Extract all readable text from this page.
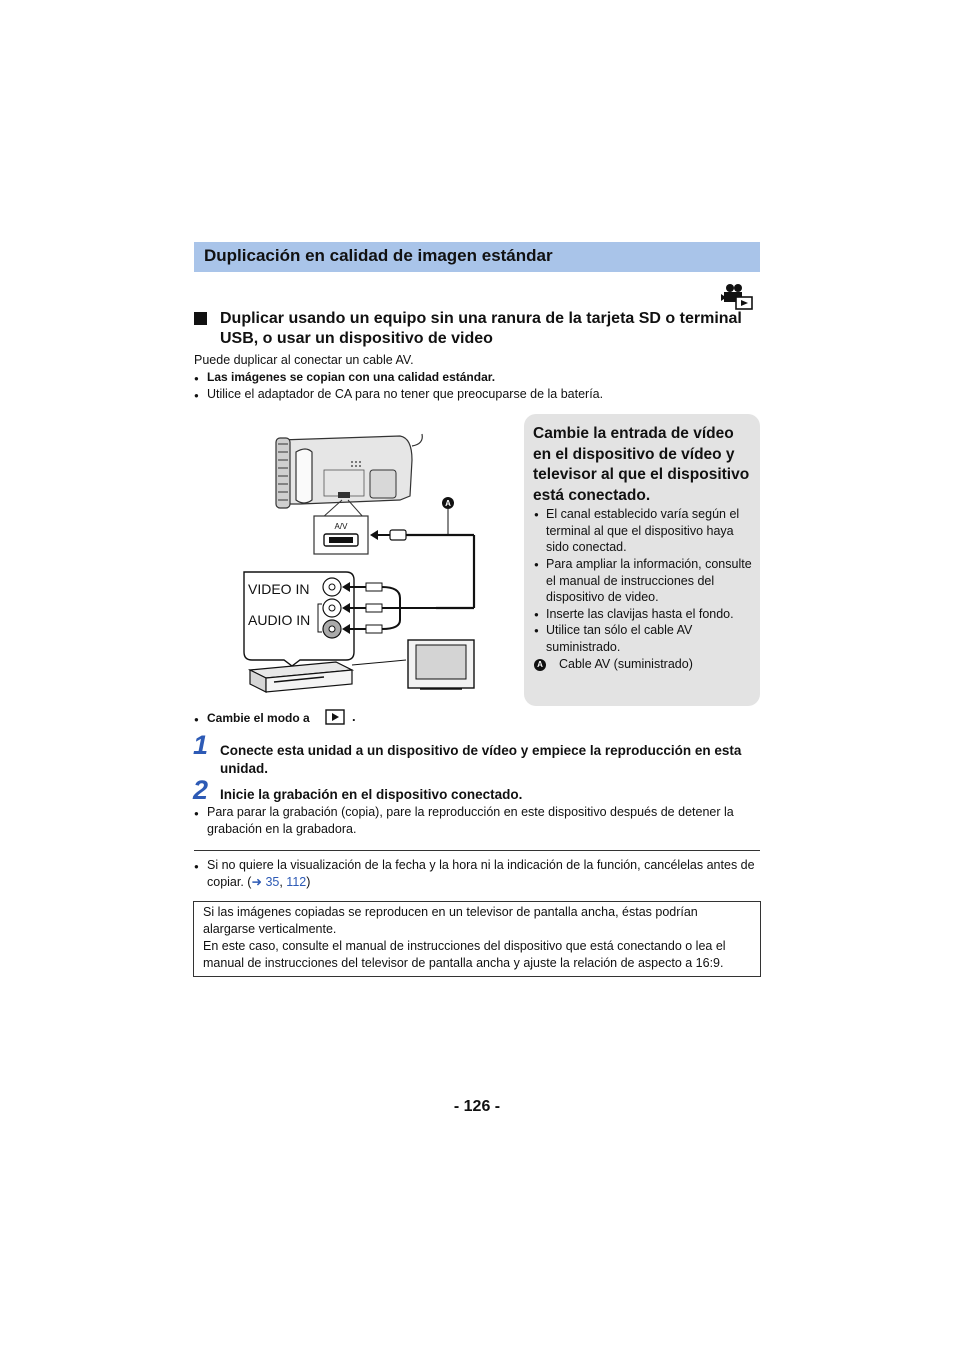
Duplicación en calidad de imagen estándar
Duplicar usando un equipo sin una ranura de la tarjeta SD o terminal USB, o usar un dispositivo de video
Puede duplicar al conectar un cable AV.
● Las imágenes se copian con una calidad estándar.
● Utilice el adaptador de CA para no tener que preocuparse de la batería.
A/V
A
VIDEO IN
AUDIO IN
Cambie la entrada de vídeo en el dispositivo de vídeo y televisor al que el dispositivo está conectado.
● El canal establecido varía según el terminal al que el dispositivo haya sido conectad.
● Para ampliar la información, consulte el manual de instrucciones del dispositivo de video.
● Inserte las clavijas hasta el fondo.
● Utilice tan sólo el cable AV suministrado.
A Cable AV (suministrado)
● Cambie el modo a	.
1 Conecte esta unidad a un dispositivo de vídeo y empiece la reproducción en esta unidad.
2 Inicie la grabación en el dispositivo conectado.
● Para parar la grabación (copia), pare la reproducción en este dispositivo después de detener la grabación en la grabadora.
● Si no quiere la visualización de la fecha y la hora ni la indicación de la función, cancélelas antes de copiar. (➜ 35, 112)
Si las imágenes copiadas se reproducen en un televisor de pantalla ancha, éstas podrían alargarse verticalmente.
En este caso, consulte el manual de instrucciones del dispositivo que está conectando o lea el manual de instrucciones del televisor de pantalla ancha y ajuste la relación de aspecto a 16:9.
- 126 -
